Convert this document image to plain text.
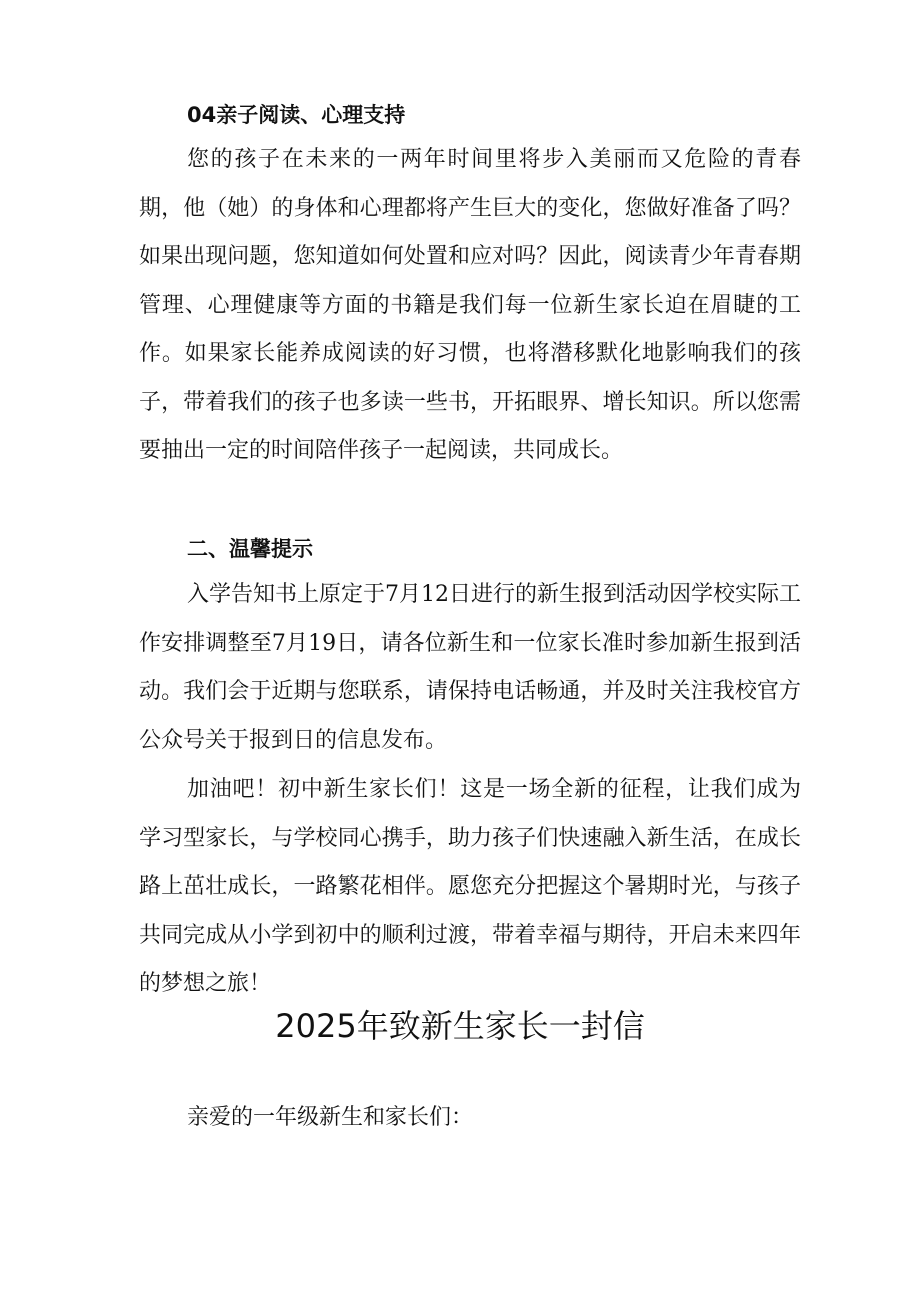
04亲子阅读、心理支持

您的孩子在未来的一两年时间里将步入美丽而又危险的青春期，他（她）的身体和心理都将产生巨大的变化，您做好准备了吗？如果出现问题，您知道如何处置和应对吗？因此，阅读青少年青春期管理、心理健康等方面的书籍是我们每一位新生家长迫在眉睫的工作。如果家长能养成阅读的好习惯，也将潜移默化地影响我们的孩子，带着我们的孩子也多读一些书，开拓眼界、增长知识。所以您需要抽出一定的时间陪伴孩子一起阅读，共同成长。

二、温馨提示

入学告知书上原定于7月12日进行的新生报到活动因学校实际工作安排调整至7月19日，请各位新生和一位家长准时参加新生报到活动。我们会于近期与您联系，请保持电话畅通，并及时关注我校官方公众号关于报到日的信息发布。

加油吧！初中新生家长们！这是一场全新的征程，让我们成为学习型家长，与学校同心携手，助力孩子们快速融入新生活，在成长路上茁壮成长，一路繁花相伴。愿您充分把握这个暑期时光，与孩子共同完成从小学到初中的顺利过渡，带着幸福与期待，开启未来四年的梦想之旅！

2025年致新生家长一封信
亲爱的一年级新生和家长们：
